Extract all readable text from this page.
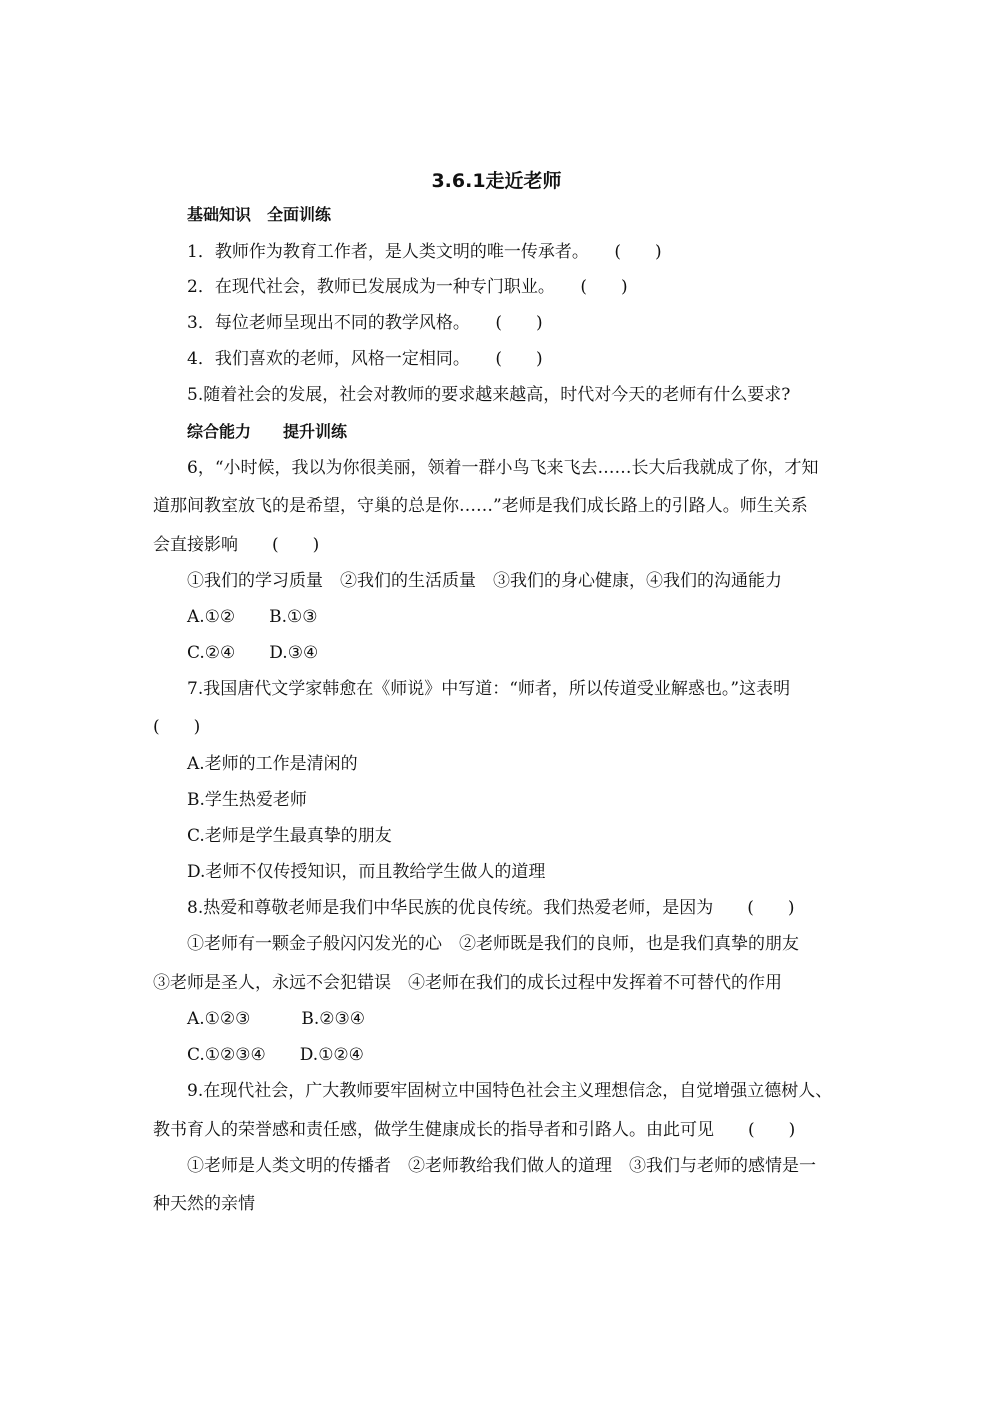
3.6.1走近老师
基础知识　全面训练
1．教师作为教育工作者，是人类文明的唯一传承者。　　(　　)
2．在现代社会，教师已发展成为一种专门职业。　　(　　)
3．每位老师呈现出不同的教学风格。　　(　　)
4．我们喜欢的老师，风格一定相同。　　(　　)
5.随着社会的发展，社会对教师的要求越来越高，时代对今天的老师有什么要求?
综合能力　　提升训练
6，“小时候，我以为你很美丽，领着一群小鸟飞来飞去……长大后我就成了你，才知
道那间教室放飞的是希望，守巢的总是你……”老师是我们成长路上的引路人。师生关系
会直接影响　　(　　)
①我们的学习质量　②我们的生活质量　③我们的身心健康，④我们的沟通能力
A.①②　　B.①③
C.②④　　D.③④
7.我国唐代文学家韩愈在《师说》中写道：“师者，所以传道受业解惑也。”这表明
(　　)
A.老师的工作是清闲的
B.学生热爱老师
C.老师是学生最真挚的朋友
D.老师不仅传授知识，而且教给学生做人的道理
8.热爱和尊敬老师是我们中华民族的优良传统。我们热爱老师，是因为　　(　　)
①老师有一颗金子般闪闪发光的心　②老师既是我们的良师，也是我们真挚的朋友
③老师是圣人，永远不会犯错误　④老师在我们的成长过程中发挥着不可替代的作用
A.①②③　　　B.②③④
C.①②③④　　D.①②④
9.在现代社会，广大教师要牢固树立中国特色社会主义理想信念，自觉增强立德树人、
教书育人的荣誉感和责任感，做学生健康成长的指导者和引路人。由此可见　　(　　)
①老师是人类文明的传播者　②老师教给我们做人的道理　③我们与老师的感情是一
种天然的亲情
